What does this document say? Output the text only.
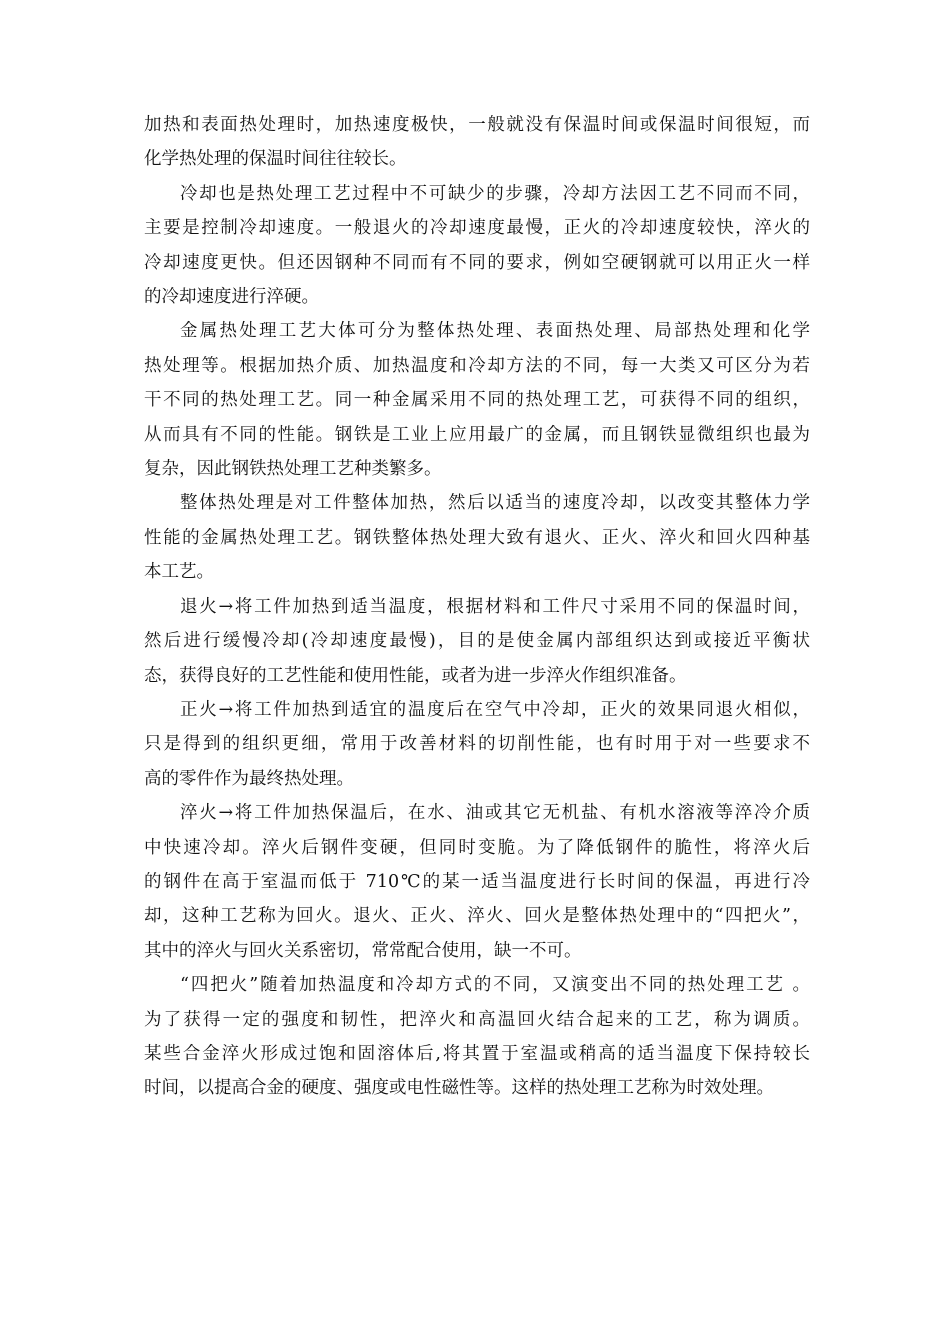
加热和表面热处理时，加热速度极快，一般就没有保温时间或保温时间很短，而
化学热处理的保温时间往往较长。
冷却也是热处理工艺过程中不可缺少的步骤，冷却方法因工艺不同而不同，
主要是控制冷却速度。一般退火的冷却速度最慢，正火的冷却速度较快，淬火的
冷却速度更快。但还因钢种不同而有不同的要求，例如空硬钢就可以用正火一样
的冷却速度进行淬硬。
金属热处理工艺大体可分为整体热处理、表面热处理、局部热处理和化学
热处理等。根据加热介质、加热温度和冷却方法的不同，每一大类又可区分为若
干不同的热处理工艺。同一种金属采用不同的热处理工艺，可获得不同的组织，
从而具有不同的性能。钢铁是工业上应用最广的金属，而且钢铁显微组织也最为
复杂，因此钢铁热处理工艺种类繁多。
整体热处理是对工件整体加热，然后以适当的速度冷却，以改变其整体力学
性能的金属热处理工艺。钢铁整体热处理大致有退火、正火、淬火和回火四种基
本工艺。
退火→将工件加热到适当温度，根据材料和工件尺寸采用不同的保温时间，
然后进行缓慢冷却(冷却速度最慢)，目的是使金属内部组织达到或接近平衡状
态，获得良好的工艺性能和使用性能，或者为进一步淬火作组织准备。
正火→将工件加热到适宜的温度后在空气中冷却，正火的效果同退火相似，
只是得到的组织更细，常用于改善材料的切削性能，也有时用于对一些要求不
高的零件作为最终热处理。
淬火→将工件加热保温后，在水、油或其它无机盐、有机水溶液等淬冷介质
中快速冷却。淬火后钢件变硬，但同时变脆。为了降低钢件的脆性，将淬火后
的钢件在高于室温而低于 710℃的某一适当温度进行长时间的保温，再进行冷
却，这种工艺称为回火。退火、正火、淬火、回火是整体热处理中的“四把火”，
其中的淬火与回火关系密切，常常配合使用，缺一不可。
“四把火”随着加热温度和冷却方式的不同，又演变出不同的热处理工艺 。
为了获得一定的强度和韧性，把淬火和高温回火结合起来的工艺，称为调质。
某些合金淬火形成过饱和固溶体后,将其置于室温或稍高的适当温度下保持较长
时间，以提高合金的硬度、强度或电性磁性等。这样的热处理工艺称为时效处理。
